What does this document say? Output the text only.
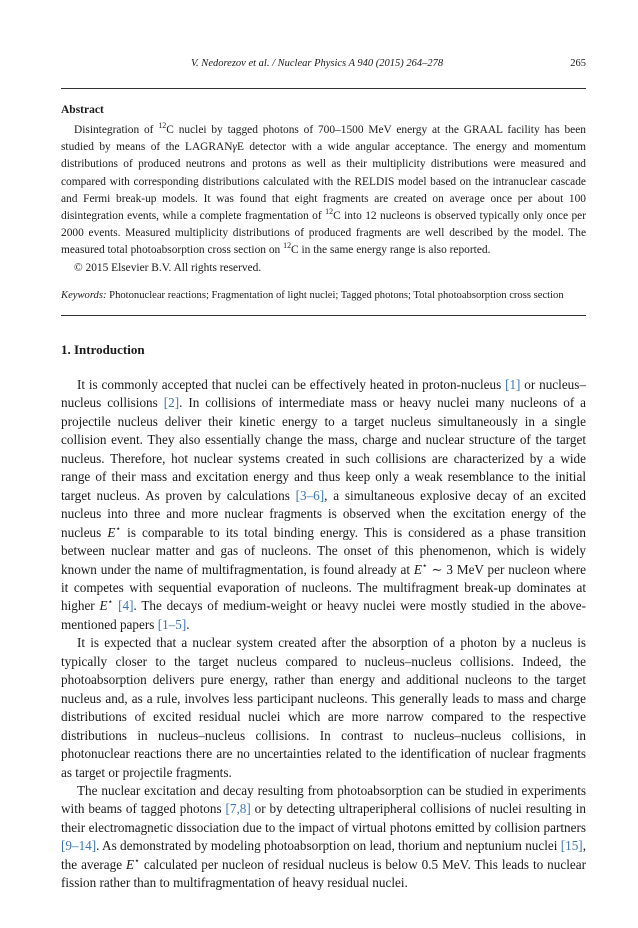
V. Nedorezov et al. / Nuclear Physics A 940 (2015) 264–278	265
Abstract

Disintegration of $^{12}$C nuclei by tagged photons of 700–1500 MeV energy at the GRAAL facility has been studied by means of the LAGRANγE detector with a wide angular acceptance. The energy and momentum distributions of produced neutrons and protons as well as their multiplicity distributions were measured and compared with corresponding distributions calculated with the RELDIS model based on the intranuclear cascade and Fermi break-up models. It was found that eight fragments are created on average once per about 100 disintegration events, while a complete fragmentation of $^{12}$C into 12 nucleons is observed typically only once per 2000 events. Measured multiplicity distributions of produced fragments are well described by the model. The measured total photoabsorption cross section on $^{12}$C in the same energy range is also reported.

© 2015 Elsevier B.V. All rights reserved.

Keywords: Photonuclear reactions; Fragmentation of light nuclei; Tagged photons; Total photoabsorption cross section
1. Introduction

It is commonly accepted that nuclei can be effectively heated in proton-nucleus [1] or nucleus–nucleus collisions [2]. In collisions of intermediate mass or heavy nuclei many nucleons of a projectile nucleus deliver their kinetic energy to a target nucleus simultaneously in a single collision event. They also essentially change the mass, charge and nuclear structure of the target nucleus. Therefore, hot nuclear systems created in such collisions are characterized by a wide range of their mass and excitation energy and thus keep only a weak resemblance to the initial target nucleus. As proven by calculations [3–6], a simultaneous explosive decay of an excited nucleus into three and more nuclear fragments is observed when the excitation energy of the nucleus E⋆ is comparable to its total binding energy. This is considered as a phase transition between nuclear matter and gas of nucleons. The onset of this phenomenon, which is widely known under the name of multifragmentation, is found already at E⋆ ∼ 3 MeV per nucleon where it competes with sequential evaporation of nucleons. The multifragment break-up dominates at higher E⋆ [4]. The decays of medium-weight or heavy nuclei were mostly studied in the above-mentioned papers [1–5].

It is expected that a nuclear system created after the absorption of a photon by a nucleus is typically closer to the target nucleus compared to nucleus–nucleus collisions. Indeed, the photoabsorption delivers pure energy, rather than energy and additional nucleons to the target nucleus and, as a rule, involves less participant nucleons. This generally leads to mass and charge distributions of excited residual nuclei which are more narrow compared to the respective distributions in nucleus–nucleus collisions. In contrast to nucleus–nucleus collisions, in photonuclear reactions there are no uncertainties related to the identification of nuclear fragments as target or projectile fragments.

The nuclear excitation and decay resulting from photoabsorption can be studied in experiments with beams of tagged photons [7,8] or by detecting ultraperipheral collisions of nuclei resulting in their electromagnetic dissociation due to the impact of virtual photons emitted by collision partners [9–14]. As demonstrated by modeling photoabsorption on lead, thorium and neptunium nuclei [15], the average E⋆ calculated per nucleon of residual nucleus is below 0.5 MeV. This leads to nuclear fission rather than to multifragmentation of heavy residual nuclei.
